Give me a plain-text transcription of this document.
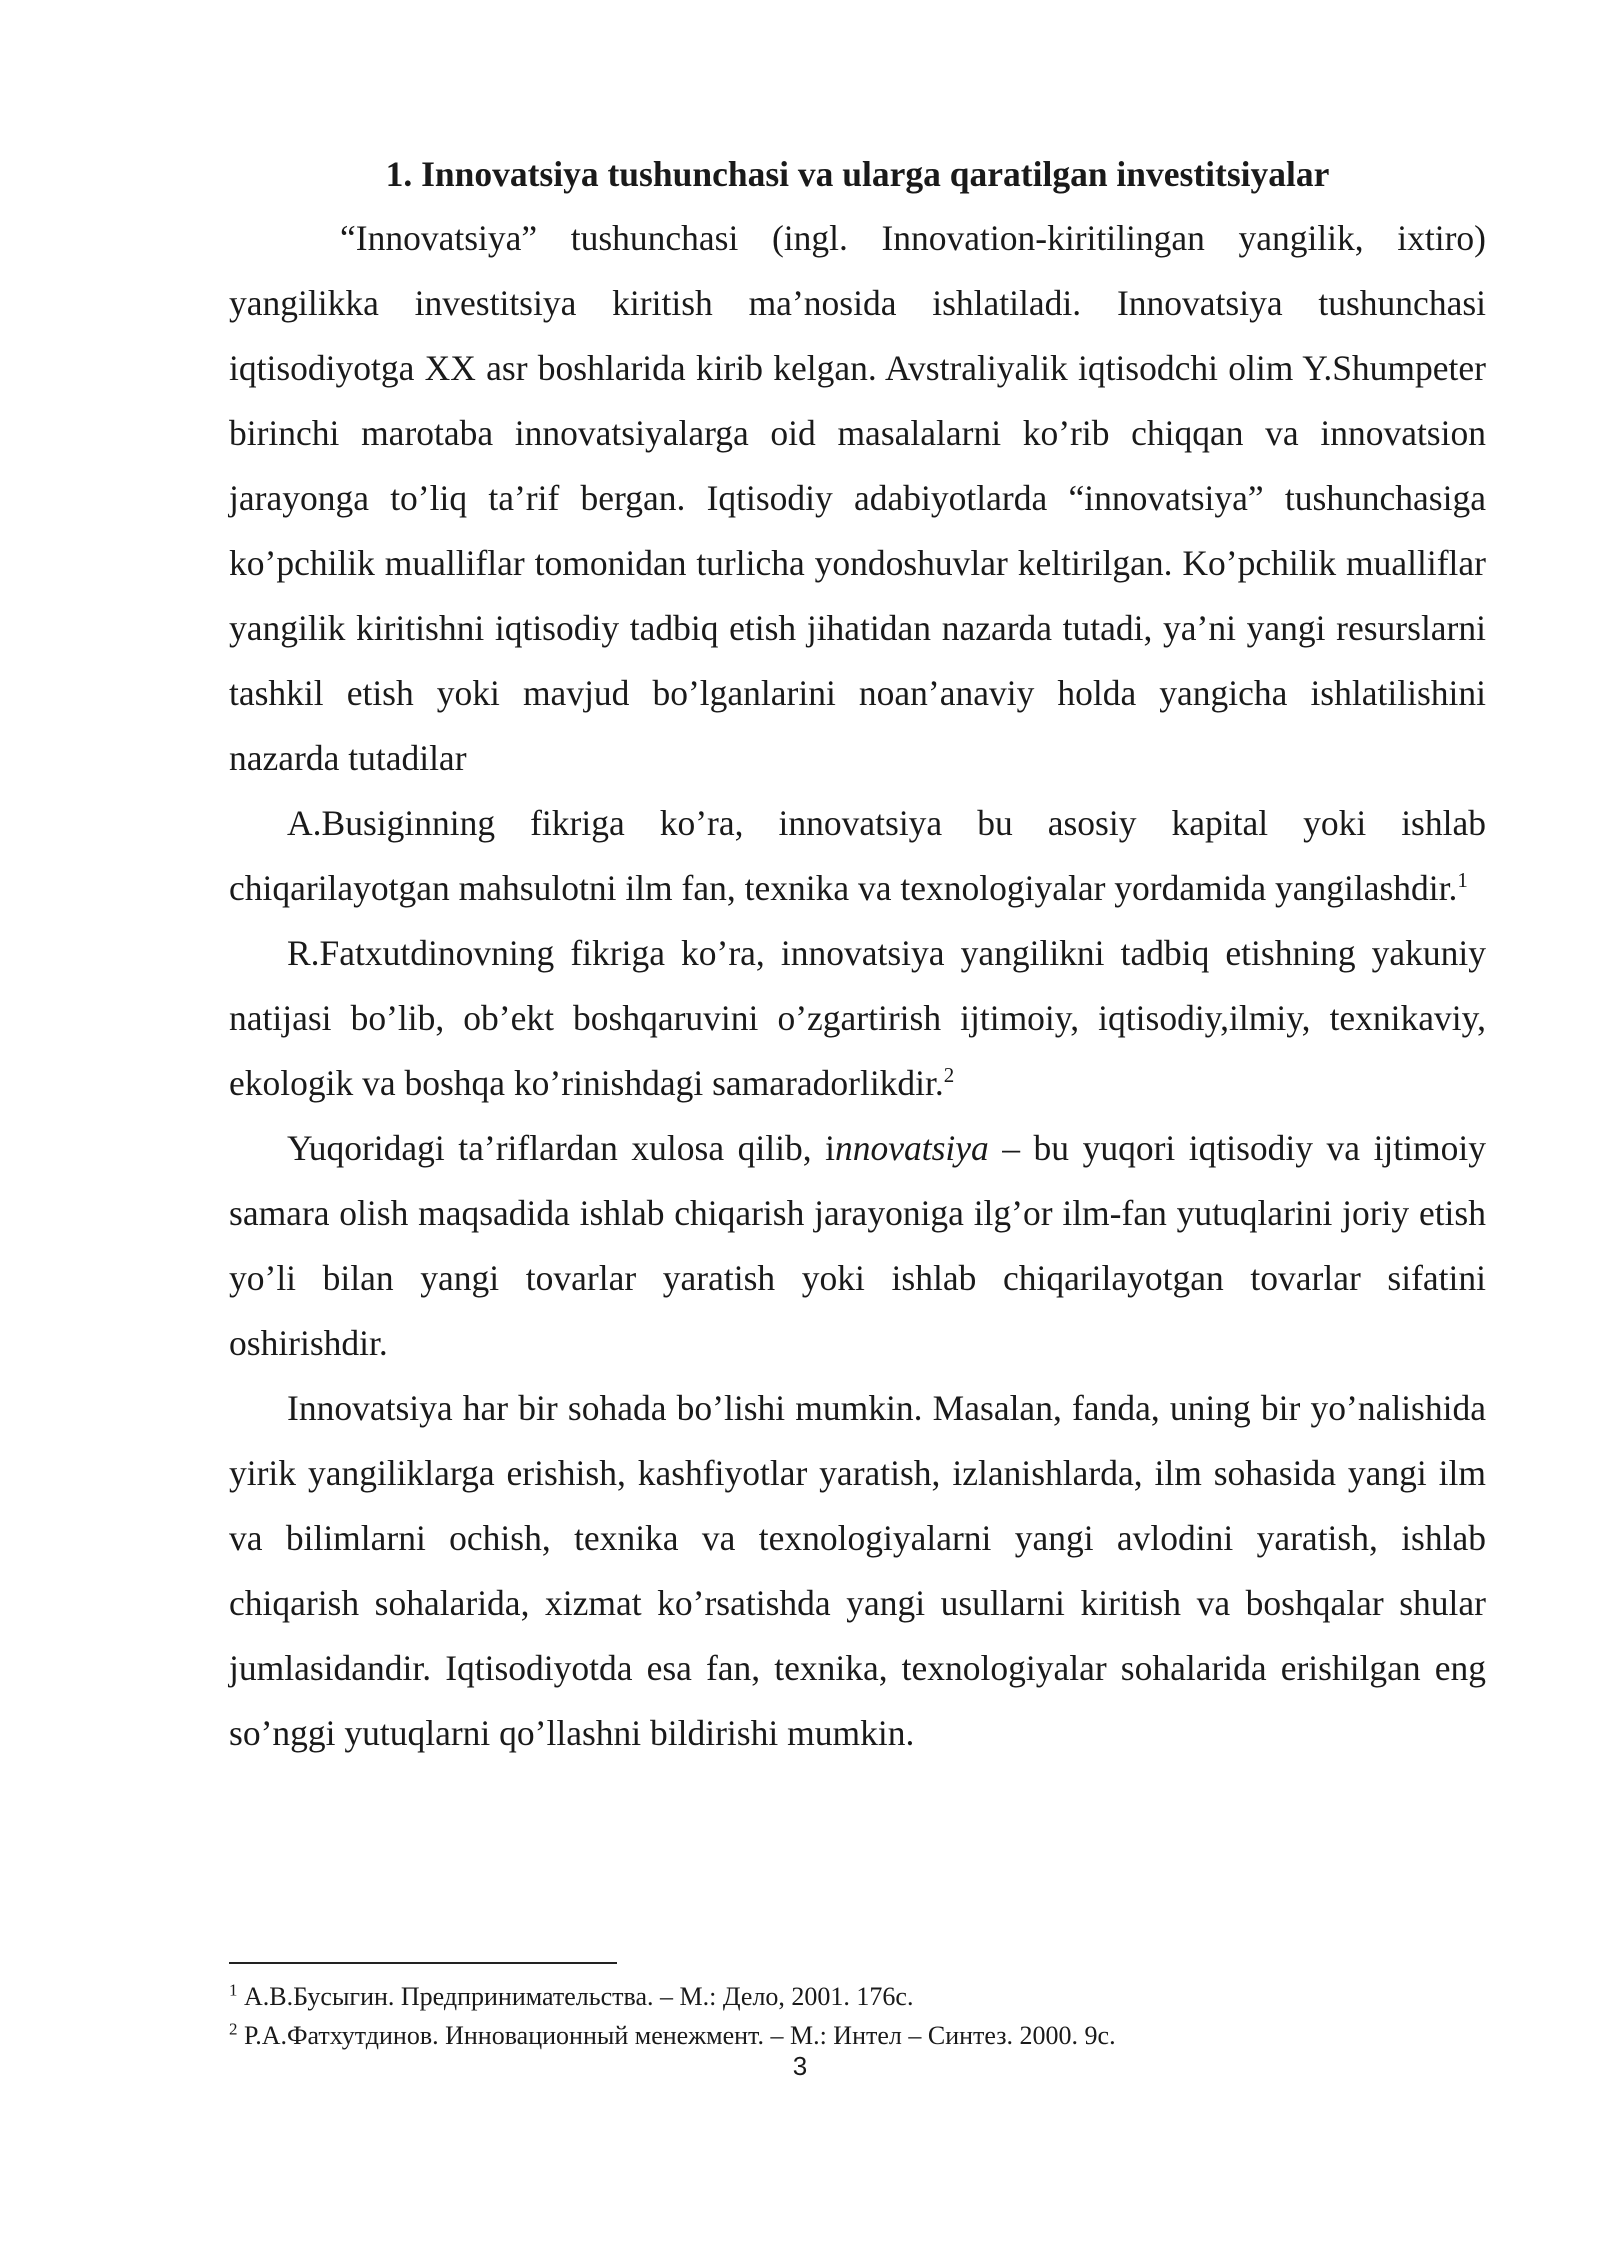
1. Innovatsiya tushunchasi va ularga qaratilgan investitsiyalar

“Innovatsiya” tushunchasi (ingl. Innovation-kiritilingan yangilik, ixtiro) yangilikka investitsiya kiritish ma’nosida ishlatiladi. Innovatsiya tushunchasi iqtisodiyotga XX asr boshlarida kirib kelgan. Avstraliyalik iqtisodchi olim Y.Shumpeter birinchi marotaba innovatsiyalarga oid masalalarni ko’rib chiqqan va innovatsion jarayonga to’liq ta’rif bergan. Iqtisodiy adabiyotlarda “innovatsiya” tushunchasiga ko’pchilik mualliflar tomonidan turlicha yondoshuvlar keltirilgan. Ko’pchilik mualliflar yangilik kiritishni iqtisodiy tadbiq etish jihatidan nazarda tutadi, ya’ni yangi resurslarni tashkil etish yoki mavjud bo’lganlarini noan’anaviy holda yangicha ishlatilishini nazarda tutadilar

A.Busiginning fikriga ko’ra, innovatsiya bu asosiy kapital yoki ishlab chiqarilayotgan mahsulotni ilm fan, texnika va texnologiyalar yordamida yangilashdir.$^1$

R.Fatxutdinovning fikriga ko’ra, innovatsiya yangilikni tadbiq etishning yakuniy natijasi bo’lib, ob’ekt boshqaruvini o’zgartirish ijtimoiy, iqtisodiy,ilmiy, texnikaviy, ekologik va boshqa ko’rinishdagi samaradorlikdir.$^2$

Yuqoridagi ta’riflardan xulosa qilib, innovatsiya – bu yuqori iqtisodiy va ijtimoiy samara olish maqsadida ishlab chiqarish jarayoniga ilg’or ilm-fan yutuqlarini joriy etish yo’li bilan yangi tovarlar yaratish yoki ishlab chiqarilayotgan tovarlar sifatini oshirishdir.

Innovatsiya har bir sohada bo’lishi mumkin. Masalan, fanda, uning bir yo’nalishida yirik yangiliklarga erishish, kashfiyotlar yaratish, izlanishlarda, ilm sohasida yangi ilm va bilimlarni ochish, texnika va texnologiyalarni yangi avlodini yaratish, ishlab chiqarish sohalarida, xizmat ko’rsatishda yangi usullarni kiritish va boshqalar shular jumlasidandir. Iqtisodiyotda esa fan, texnika, texnologiyalar sohalarida erishilgan eng so’nggi yutuqlarni qo’llashni bildirishi mumkin.

$^1$ А.В.Бусыгин. Предпринимательства. – М.: Дело, 2001. 176с.
$^2$ Р.А.Фатхутдинов. Инновационный менежмент. – М.: Интел – Синтез. 2000. 9с.
3
